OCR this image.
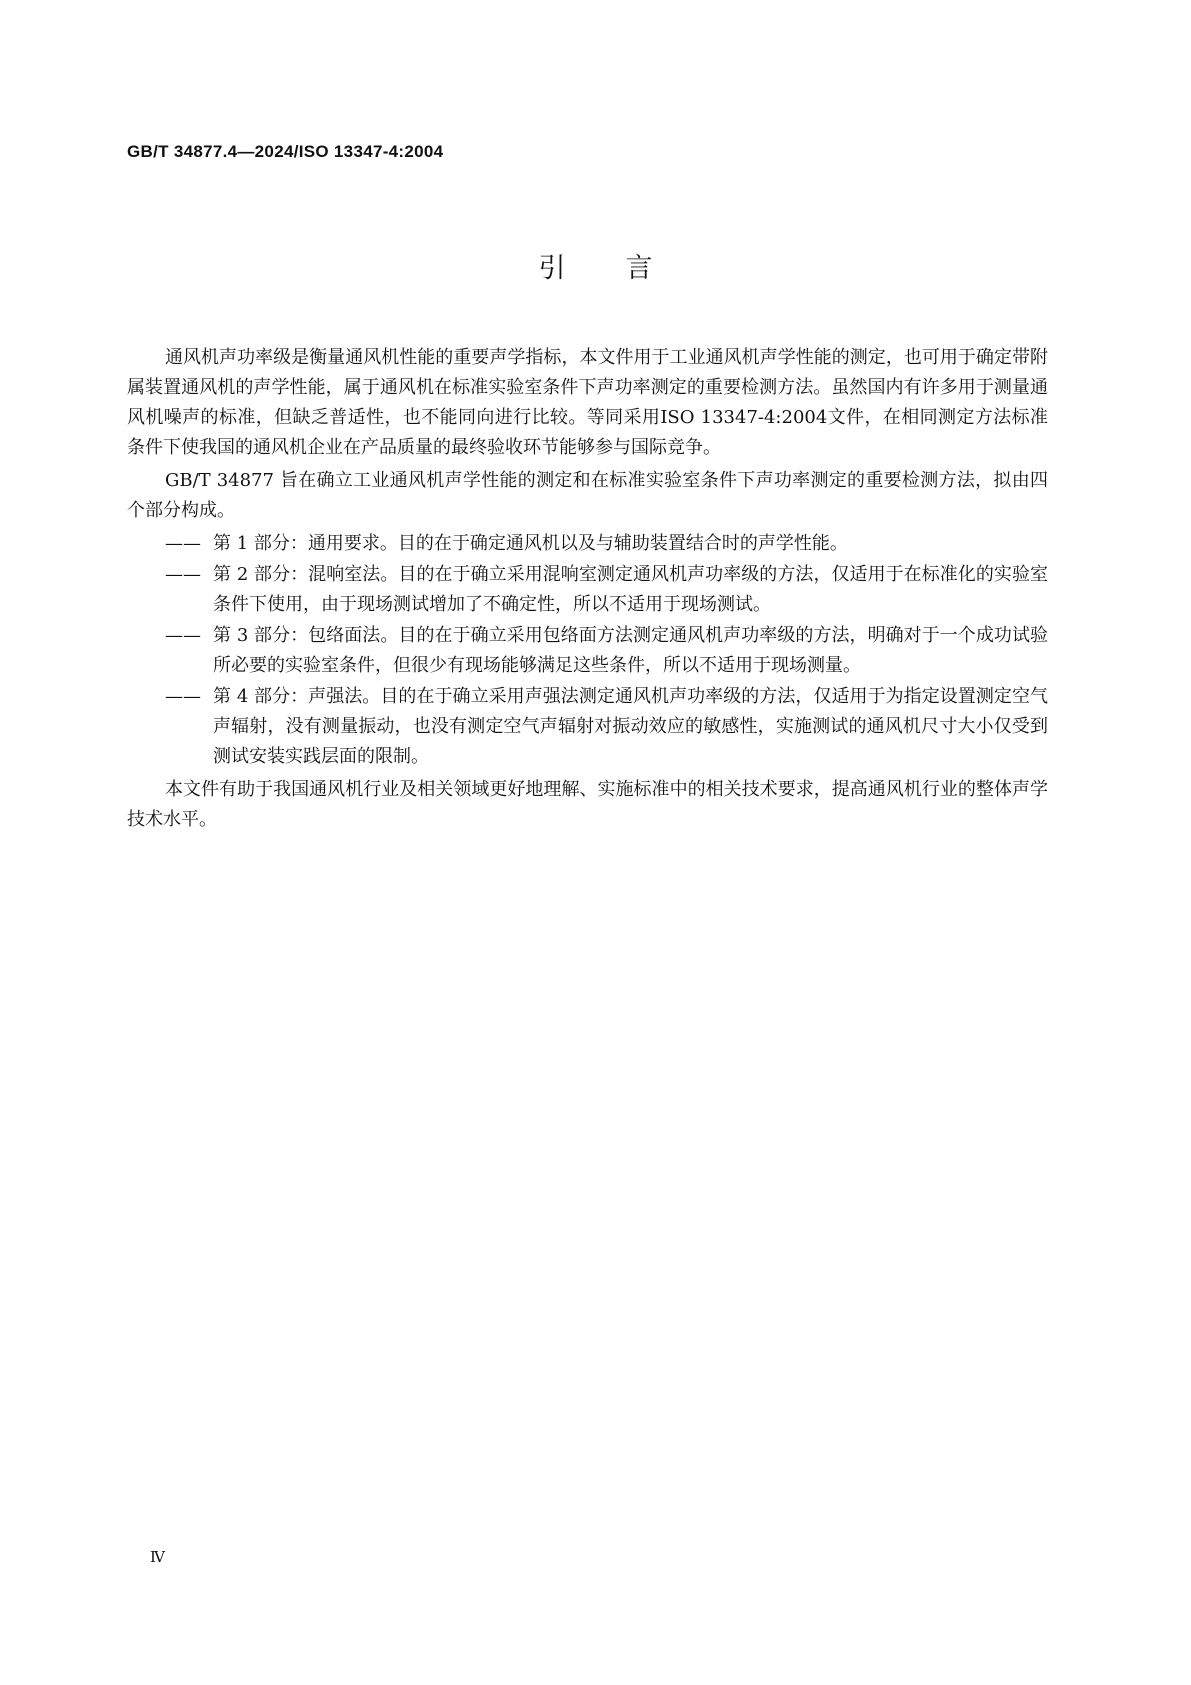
GB/T 34877.4—2024/ISO 13347-4:2004
引言

通风机声功率级是衡量通风机性能的重要声学指标，本文件用于工业通风机声学性能的测定，也可用于确定带附属装置通风机的声学性能，属于通风机在标准实验室条件下声功率测定的重要检测方法。虽然国内有许多用于测量通风机噪声的标准，但缺乏普适性，也不能同向进行比较。等同采用ISO 13347-4:2004文件，在相同测定方法标准条件下使我国的通风机企业在产品质量的最终验收环节能够参与国际竞争。

GB/T 34877 旨在确立工业通风机声学性能的测定和在标准实验室条件下声功率测定的重要检测方法，拟由四个部分构成。

—— 第 1 部分：通用要求。目的在于确定通风机以及与辅助装置结合时的声学性能。
—— 第 2 部分：混响室法。目的在于确立采用混响室测定通风机声功率级的方法，仅适用于在标准化的实验室条件下使用，由于现场测试增加了不确定性，所以不适用于现场测试。
—— 第 3 部分：包络面法。目的在于确立采用包络面方法测定通风机声功率级的方法，明确对于一个成功试验所必要的实验室条件，但很少有现场能够满足这些条件，所以不适用于现场测量。
—— 第 4 部分：声强法。目的在于确立采用声强法测定通风机声功率级的方法，仅适用于为指定设置测定空气声辐射，没有测量振动，也没有测定空气声辐射对振动效应的敏感性，实施测试的通风机尺寸大小仅受到测试安装实践层面的限制。

本文件有助于我国通风机行业及相关领域更好地理解、实施标准中的相关技术要求，提高通风机行业的整体声学技术水平。

Ⅳ
